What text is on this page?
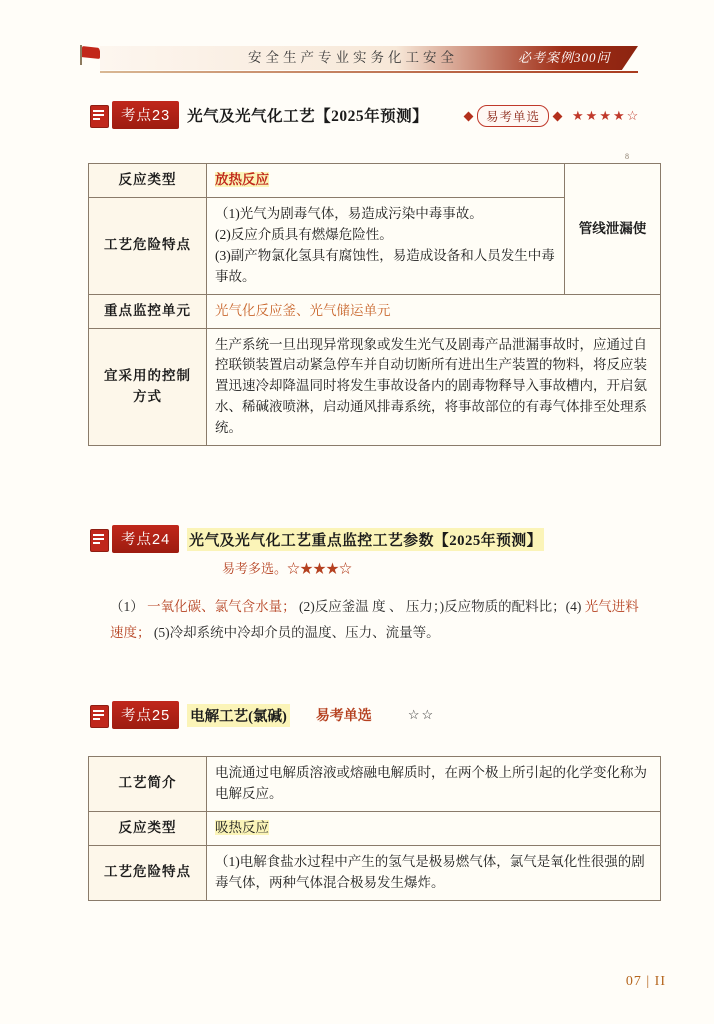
安全生产专业实务化工安全	必考案例300问
考点23	光气及光气化工艺【2025年预测】	易考单选	★★★★☆
8
反应类型	放热反应	管线泄漏使

工艺危险特点	（1)光气为剧毒气体，易造成污染中毒事故。
(2)反应介质具有燃爆危险性。
(3)副产物氯化氢具有腐蚀性，易造成设备和人员发生中毒事故。	

重点监控单元	光气化反应釜、光气储运单元	
宜采用的控制方式	生产系统一旦出现异常现象或发生光气及剧毒产品泄漏事故时，应通过自控联锁装置启动紧急停车并自动切断所有进出生产装置的物料，将反应装置迅速冷却降温同时将发生事故设备内的剧毒物释导入事故槽内，开启氨水、稀碱液喷淋，启动通风排毒系统，将事故部位的有毒气体排至处理系统。	
考点24	光气及光气化工艺重点监控工艺参数【2025年预测】
易考多选。☆★★★☆
（1） 一氧化碳、氯气含水量； (2)反应釜温 度 、 压力；)反应物质的配料比；(4) 光气进料速度； (5)冷却系统中冷却介员的温度、压力、流量等。
考点25	电解工艺(氯碱) 易考单选	☆☆
工艺简介	电流通过电解质溶液或熔融电解质时，在两个极上所引起的化学变化称为电解反应。
反应类型	吸热反应
工艺危险特点	（1)电解食盐水过程中产生的氢气是极易燃气体，氯气是氧化性很强的剧毒气体，两种气体混合极易发生爆炸。
07 | II
